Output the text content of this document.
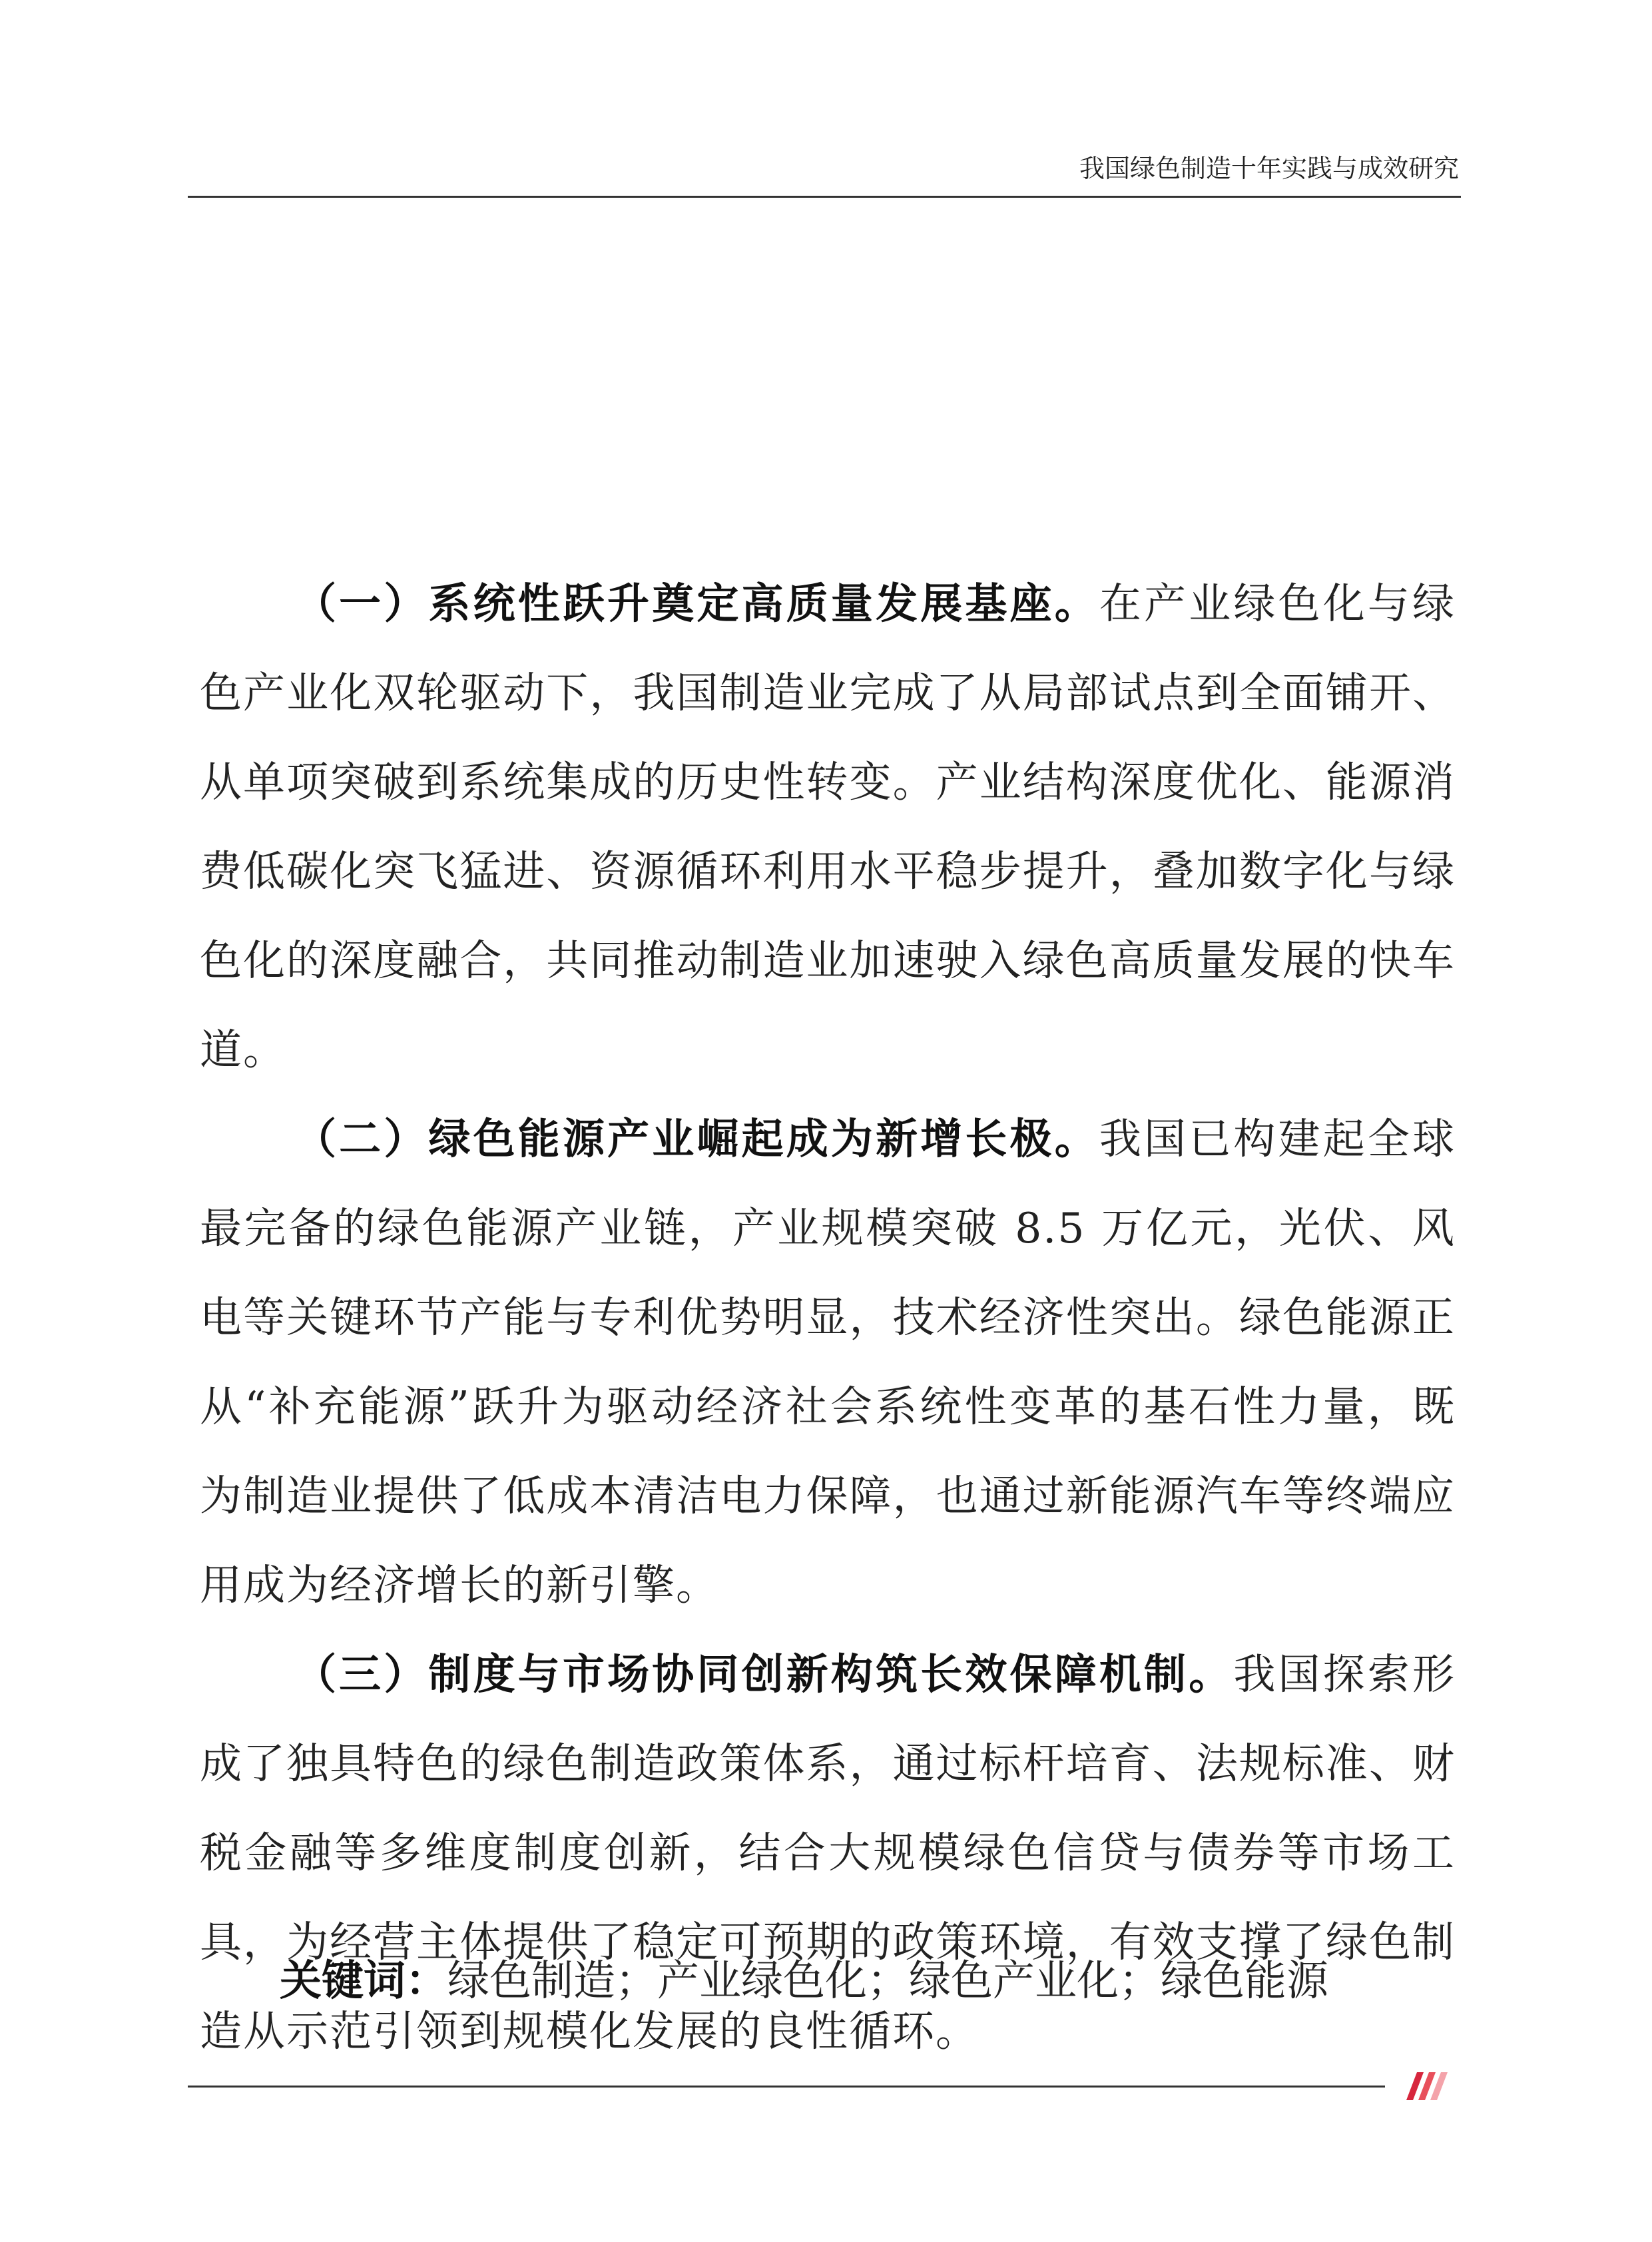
我国绿色制造十年实践与成效研究

（一）系统性跃升奠定高质量发展基座。在产业绿色化与绿色产业化双轮驱动下，我国制造业完成了从局部试点到全面铺开、从单项突破到系统集成的历史性转变。产业结构深度优化、能源消费低碳化突飞猛进、资源循环利用水平稳步提升，叠加数字化与绿色化的深度融合，共同推动制造业加速驶入绿色高质量发展的快车道。

（二）绿色能源产业崛起成为新增长极。我国已构建起全球最完备的绿色能源产业链，产业规模突破 8.5 万亿元，光伏、风电等关键环节产能与专利优势明显，技术经济性突出。绿色能源正从“补充能源”跃升为驱动经济社会系统性变革的基石性力量，既为制造业提供了低成本清洁电力保障，也通过新能源汽车等终端应用成为经济增长的新引擎。

（三）制度与市场协同创新构筑长效保障机制。我国探索形成了独具特色的绿色制造政策体系，通过标杆培育、法规标准、财税金融等多维度制度创新，结合大规模绿色信贷与债券等市场工具，为经营主体提供了稳定可预期的政策环境，有效支撑了绿色制造从示范引领到规模化发展的良性循环。

关键词：绿色制造；产业绿色化；绿色产业化；绿色能源
